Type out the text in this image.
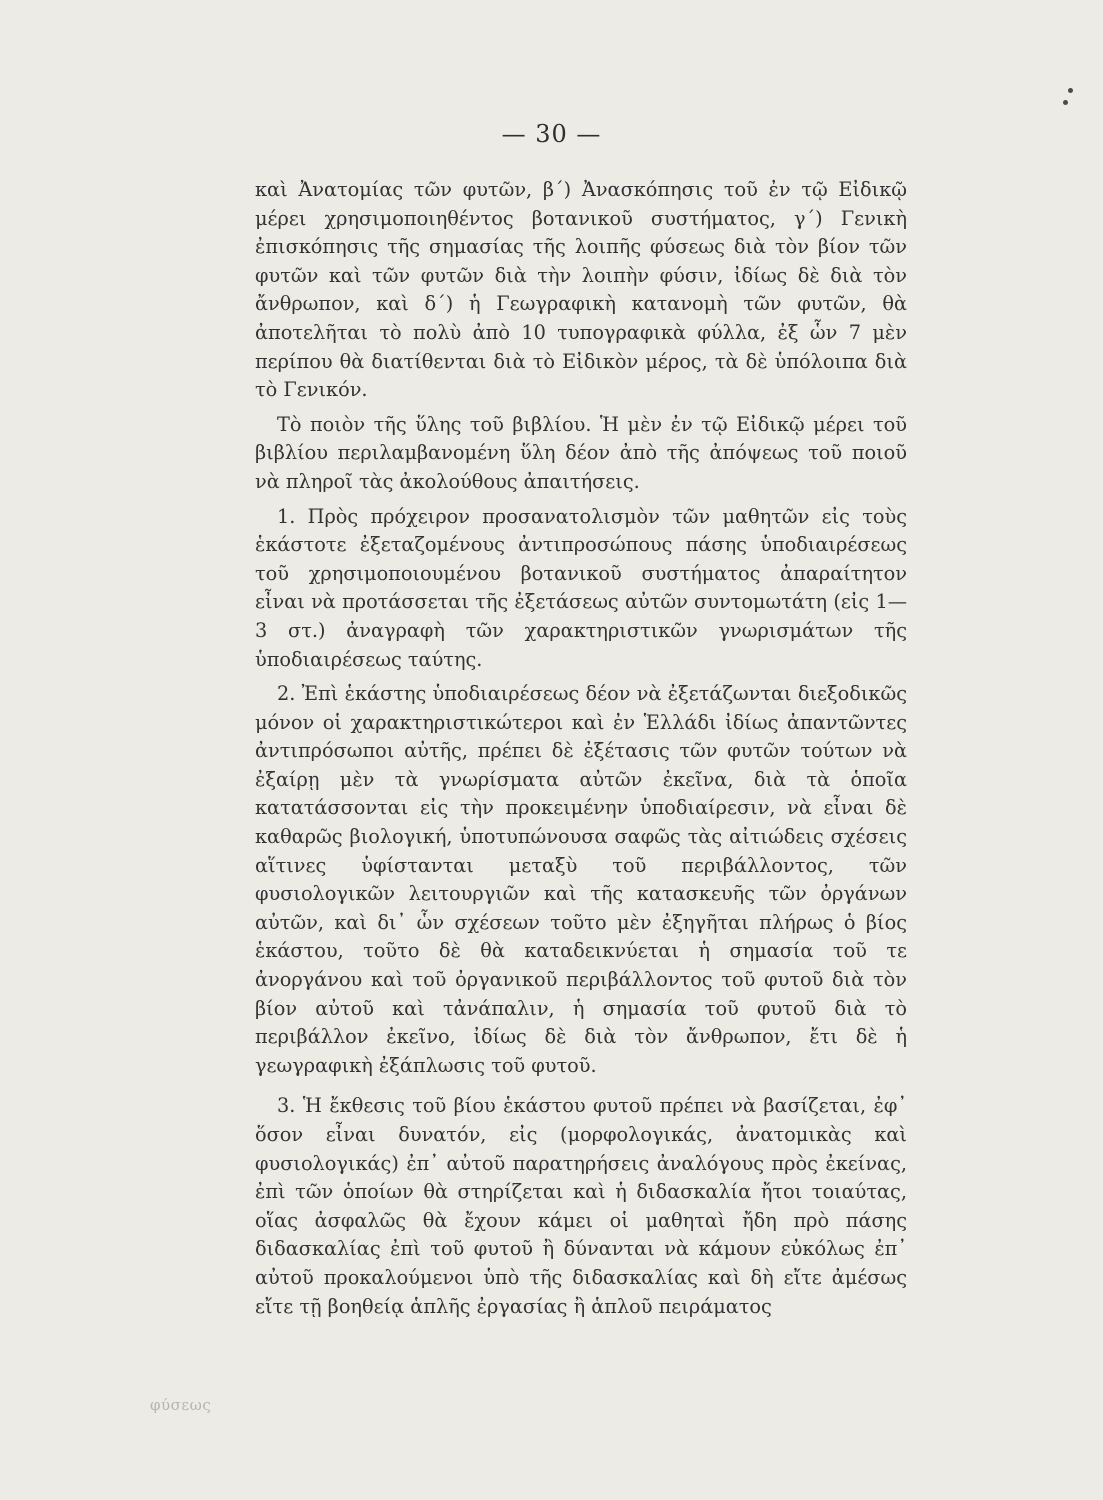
— 30 —

καὶ Ἀνατομίας τῶν φυτῶν, β΄) Ἀνασκόπησις τοῦ ἐν τῷ Εἰδικῷ μέρει χρησιμοποιηθέντος βοτανικοῦ συστήματος, γ΄) Γενικὴ ἐπισκόπησις τῆς σημασίας τῆς λοιπῆς φύσεως διὰ τὸν βίον τῶν φυτῶν καὶ τῶν φυτῶν διὰ τὴν λοιπὴν φύσιν, ἰδίως δὲ διὰ τὸν ἄνθρωπον, καὶ δ΄) ἡ Γεωγραφικὴ κατανομὴ τῶν φυτῶν, θὰ ἀποτελῆται τὸ πολὺ ἀπὸ 10 τυπογραφικὰ φύλλα, ἐξ ὧν 7 μὲν περίπου θὰ διατίθενται διὰ τὸ Εἰδικὸν μέρος, τὰ δὲ ὑπόλοιπα διὰ τὸ Γενικόν.

Τὸ ποιὸν τῆς ὕλης τοῦ βιβλίου. Ἡ μὲν ἐν τῷ Εἰδικῷ μέρει τοῦ βιβλίου περιλαμβανομένη ὕλη δέον ἀπὸ τῆς ἀπόψεως τοῦ ποιοῦ νὰ πληροῖ τὰς ἀκολούθους ἀπαιτήσεις.

1. Πρὸς πρόχειρον προσανατολισμὸν τῶν μαθητῶν εἰς τοὺς ἑκάστοτε ἐξεταζομένους ἀντιπροσώπους πάσης ὑποδιαιρέσεως τοῦ χρησιμοποιουμένου βοτανικοῦ συστήματος ἀπαραίτητον εἶναι νὰ προτάσσεται τῆς ἐξετάσεως αὐτῶν συντομωτάτη (εἰς 1—3 στ.) ἀναγραφὴ τῶν χαρακτηριστικῶν γνωρισμάτων τῆς ὑποδιαιρέσεως ταύτης.

2. Ἐπὶ ἑκάστης ὑποδιαιρέσεως δέον νὰ ἐξετάζωνται διεξοδικῶς μόνον οἱ χαρακτηριστικώτεροι καὶ ἐν Ἑλλάδι ἰδίως ἀπαντῶντες ἀντιπρόσωποι αὐτῆς, πρέπει δὲ ἐξέτασις τῶν φυτῶν τούτων νὰ ἐξαίρῃ μὲν τὰ γνωρίσματα αὐτῶν ἐκεῖνα, διὰ τὰ ὁποῖα κατατάσσονται εἰς τὴν προκειμένην ὑποδιαίρεσιν, νὰ εἶναι δὲ καθαρῶς βιολογική, ὑποτυπώνουσα σαφῶς τὰς αἰτιώδεις σχέσεις αἵτινες ὑφίστανται μεταξὺ τοῦ περιβάλλοντος, τῶν φυσιολογικῶν λειτουργιῶν καὶ τῆς κατασκευῆς τῶν ὀργάνων αὐτῶν, καὶ δι᾽ ὧν σχέσεων τοῦτο μὲν ἐξηγῆται πλήρως ὁ βίος ἑκάστου, τοῦτο δὲ θὰ καταδεικνύεται ἡ σημασία τοῦ τε ἀνοργάνου καὶ τοῦ ὀργανικοῦ περιβάλλοντος τοῦ φυτοῦ διὰ τὸν βίον αὐτοῦ καὶ τἀνάπαλιν, ἡ σημασία τοῦ φυτοῦ διὰ τὸ περιβάλλον ἐκεῖνο, ἰδίως δὲ διὰ τὸν ἄνθρωπον, ἔτι δὲ ἡ γεωγραφικὴ ἐξάπλωσις τοῦ φυτοῦ.

3. Ἡ ἔκθεσις τοῦ βίου ἑκάστου φυτοῦ πρέπει νὰ βασίζεται, ἐφ᾽ ὅσον εἶναι δυνατόν, εἰς (μορφολογικάς, ἀνατομικὰς καὶ φυσιολογικάς) ἐπ᾽ αὐτοῦ παρατηρήσεις ἀναλόγους πρὸς ἐκείνας, ἐπὶ τῶν ὁποίων θὰ στηρίζεται καὶ ἡ διδασκαλία ἤτοι τοιαύτας, οἵας ἀσφαλῶς θὰ ἔχουν κάμει οἱ μαθηταὶ ἤδη πρὸ πάσης διδασκαλίας ἐπὶ τοῦ φυτοῦ ἢ δύνανται νὰ κάμουν εὐκόλως ἐπ᾽ αὐτοῦ προκαλούμενοι ὑπὸ τῆς διδασκαλίας καὶ δὴ εἴτε ἀμέσως εἴτε τῇ βοηθείᾳ ἁπλῆς ἐργασίας ἢ ἁπλοῦ πειράματος

φύσεως
